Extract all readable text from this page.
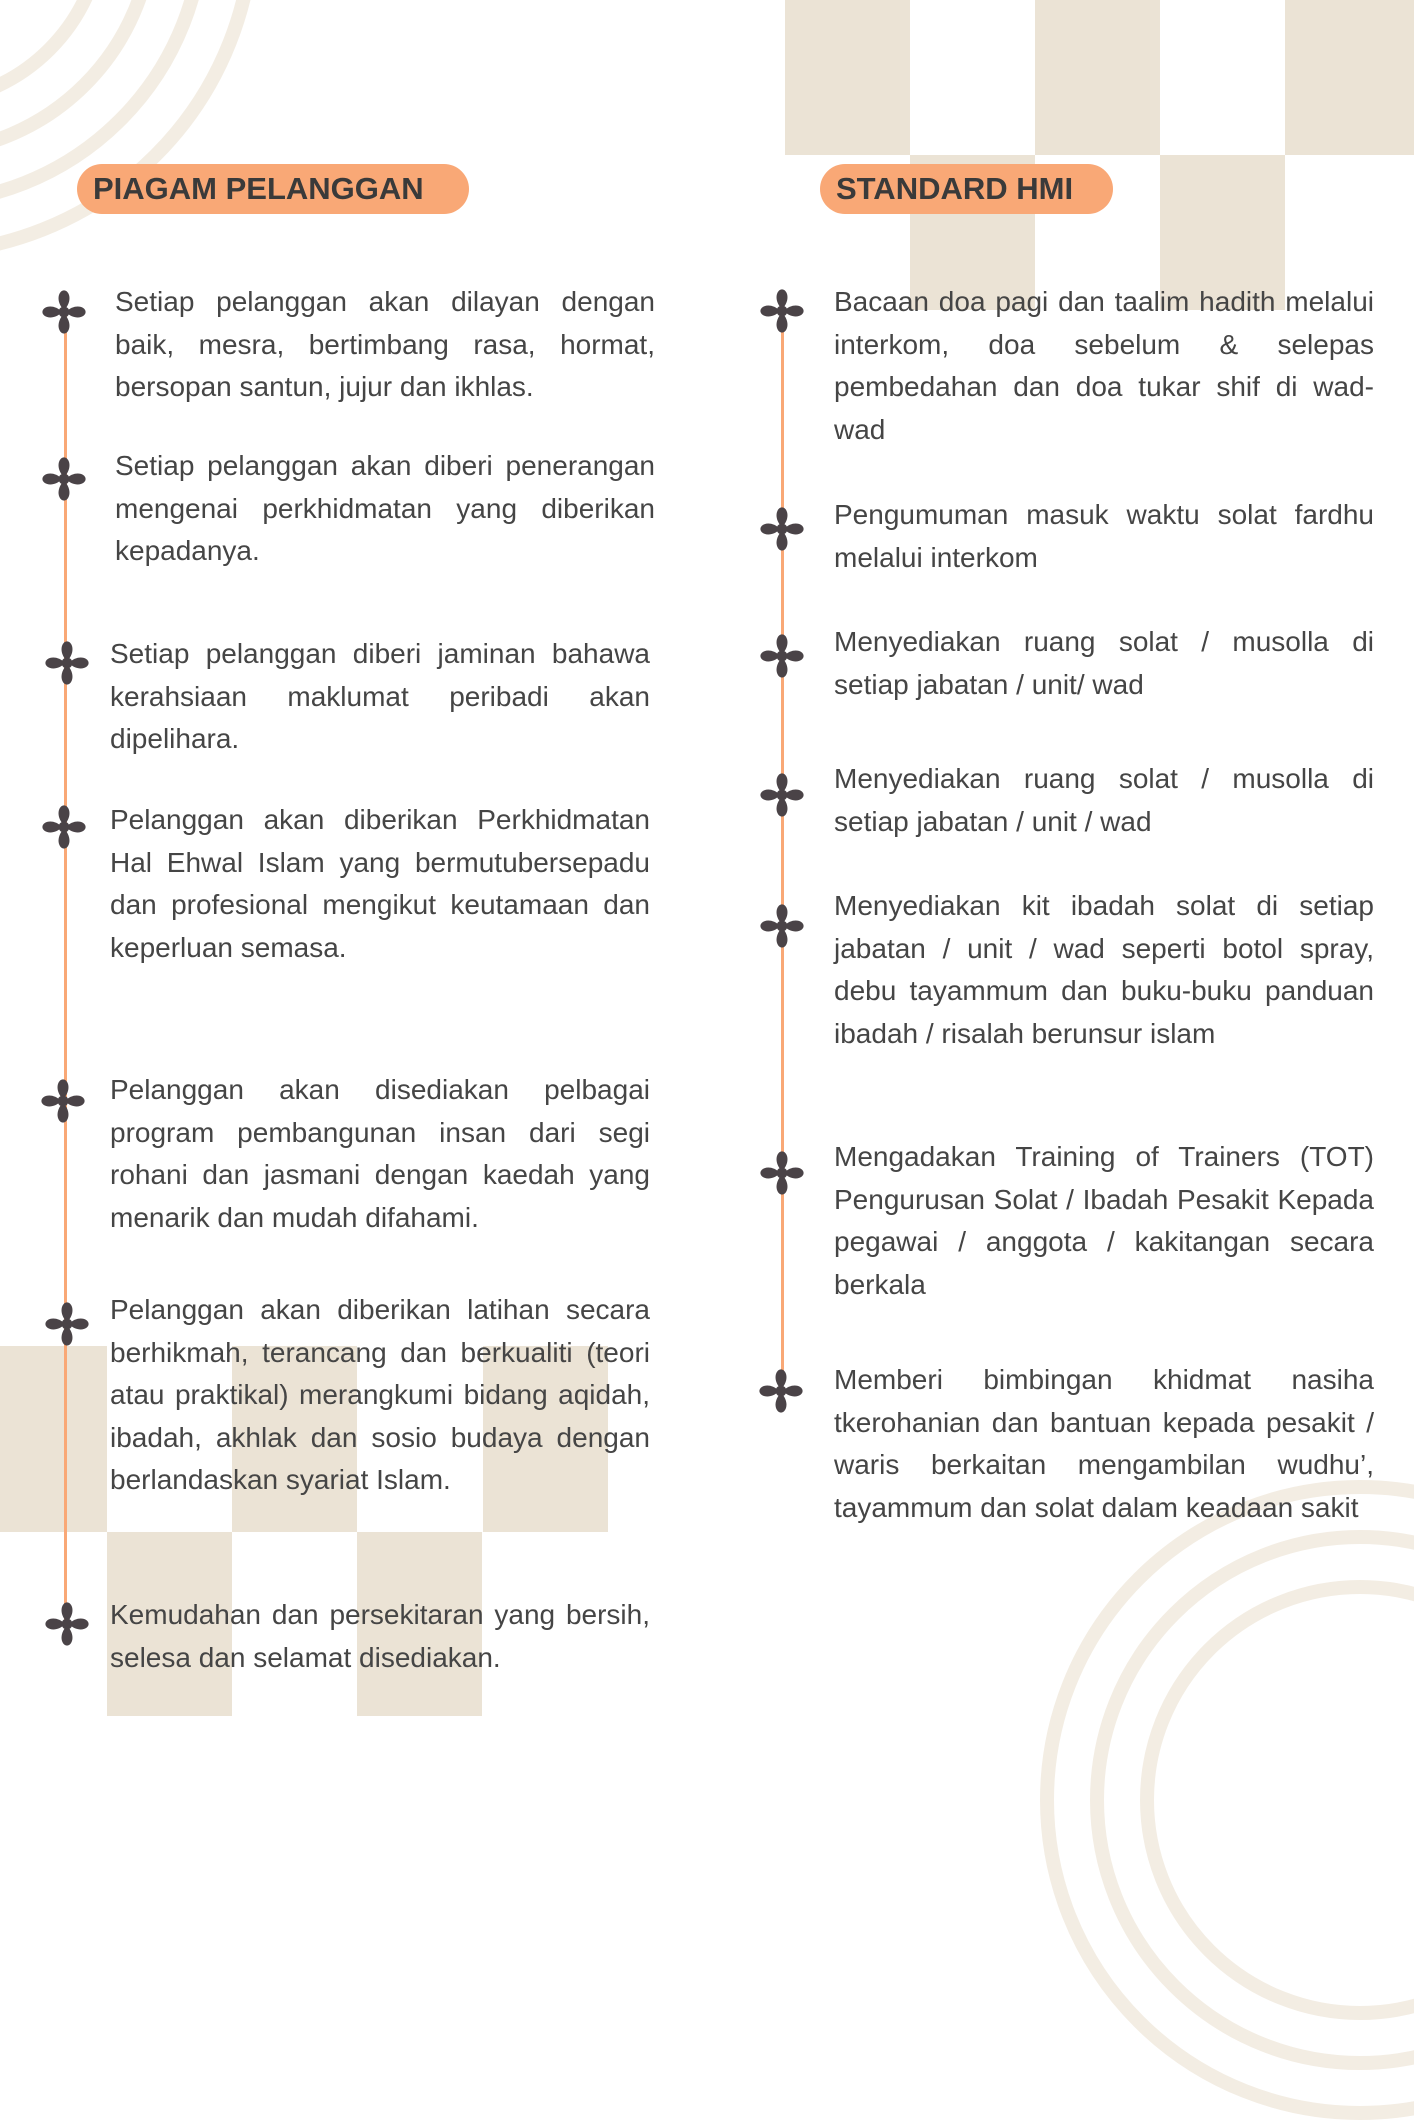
PIAGAM PELANGGAN	STANDARD HMI
Setiap pelanggan akan dilayan dengan baik, mesra, bertimbang rasa, hormat, bersopan santun, jujur dan ikhlas.
Setiap pelanggan akan diberi penerangan mengenai perkhidmatan yang diberikan kepadanya.
Setiap pelanggan diberi jaminan bahawa kerahsiaan maklumat peribadi akan dipelihara.
Pelanggan akan diberikan Perkhidmatan Hal Ehwal Islam yang bermutubersepadu dan profesional mengikut keutamaan dan keperluan semasa.
Pelanggan akan disediakan pelbagai program pembangunan insan dari segi rohani dan jasmani dengan kaedah yang menarik dan mudah difahami.
Pelanggan akan diberikan latihan secara berhikmah, terancang dan berkualiti (teori atau praktikal) merangkumi bidang aqidah, ibadah, akhlak dan sosio budaya dengan berlandaskan syariat Islam.
Kemudahan dan persekitaran yang bersih, selesa dan selamat disediakan.
Bacaan doa pagi dan taalim hadith melalui interkom, doa sebelum & selepas pembedahan dan doa tukar shif di wad-wad
Pengumuman masuk waktu solat fardhu melalui interkom
Menyediakan ruang solat / musolla di setiap jabatan / unit/ wad
Menyediakan ruang solat / musolla di setiap jabatan / unit / wad
Menyediakan kit ibadah solat di setiap jabatan / unit / wad seperti botol spray, debu tayammum dan buku-buku panduan ibadah / risalah berunsur islam
Mengadakan Training of Trainers (TOT) Pengurusan Solat / Ibadah Pesakit Kepada pegawai / anggota / kakitangan secara berkala
Memberi bimbingan khidmat nasiha tkerohanian dan bantuan kepada pesakit / waris berkaitan mengambilan wudhu’, tayammum dan solat dalam keadaan sakit
